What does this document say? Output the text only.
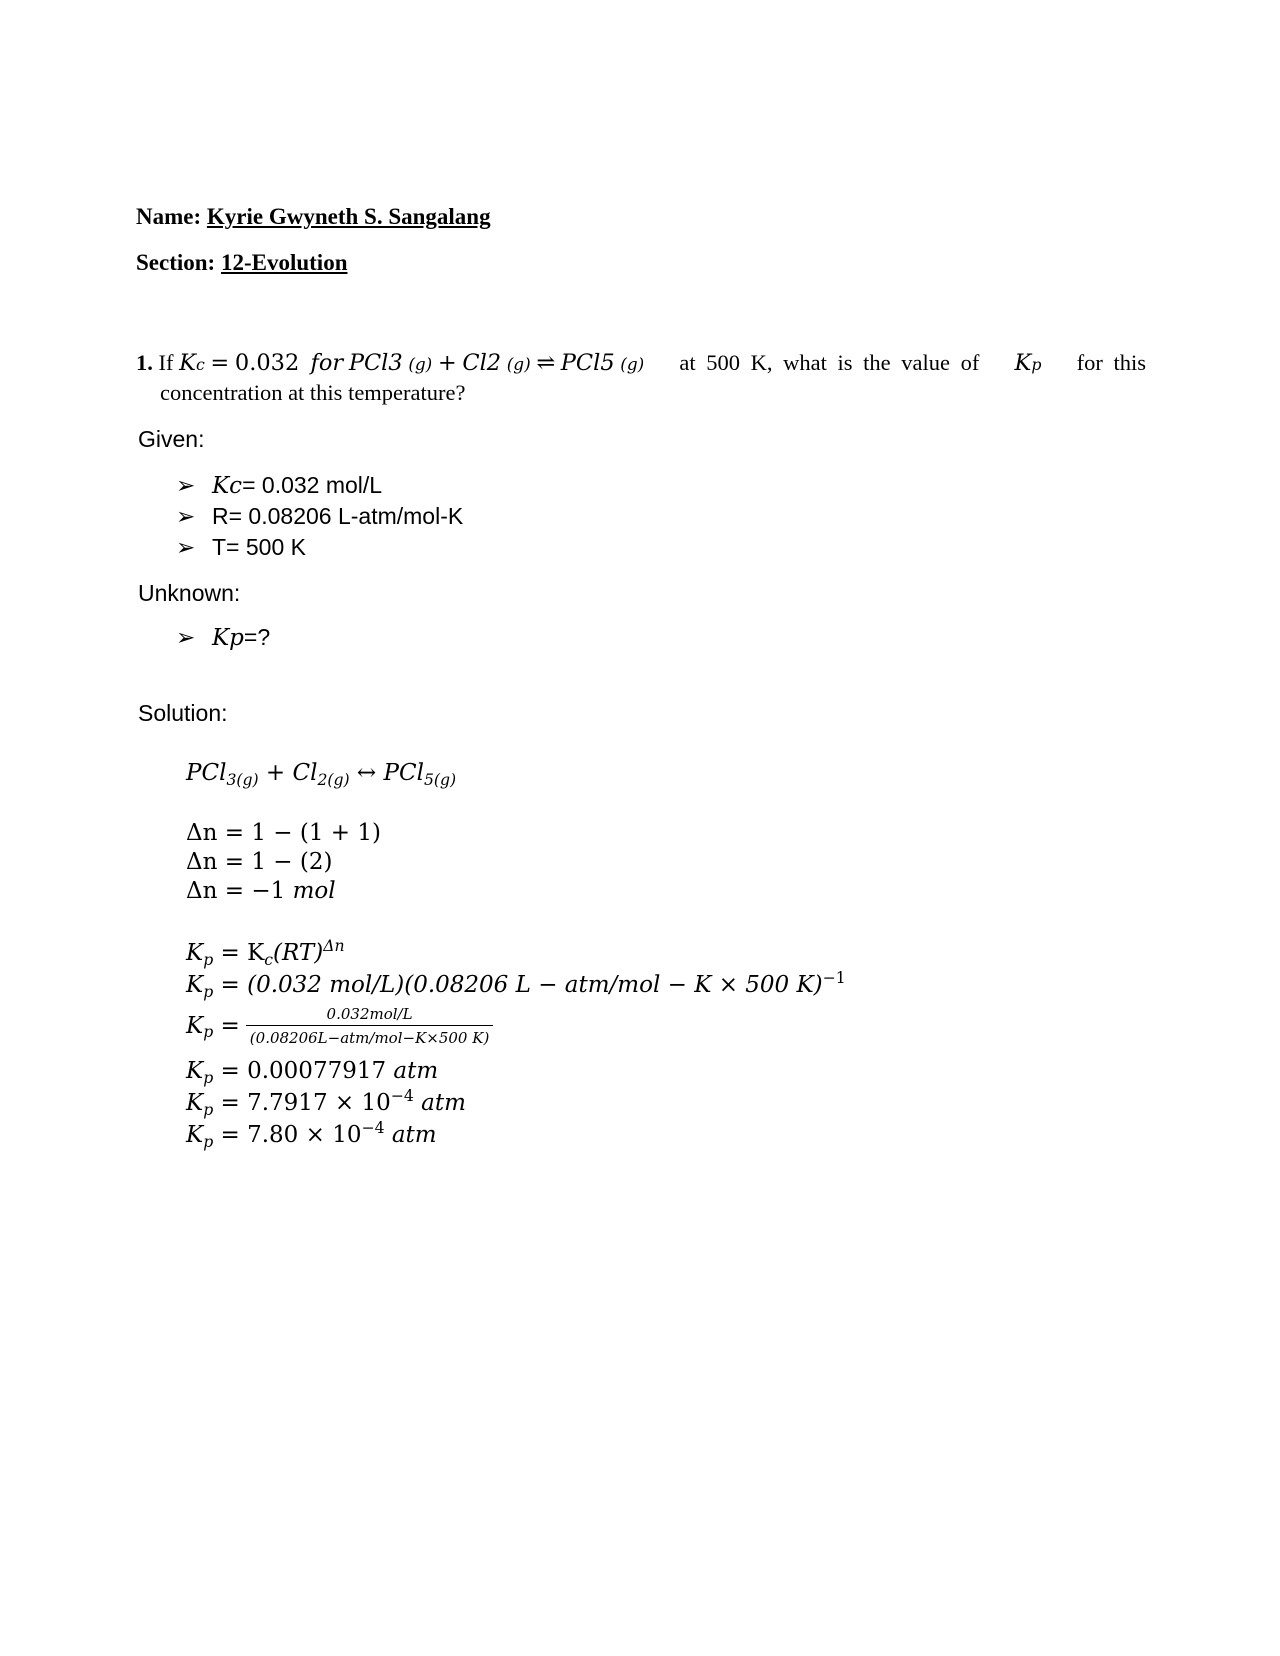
Name: Kyrie Gwyneth S. Sangalang
Section: 12-Evolution
1. If Kc = 0.032 for PCl3 (g) + Cl2 (g) ⇌ PCl5 (g) at 500 K, what is the value of Kp for this
concentration at this temperature?
Given:
➢ Kc= 0.032 mol/L
➢ R= 0.08206 L-atm/mol-K
➢ T= 500 K
Unknown:
➢ Kp=?
Solution:
$PCl_{3(g)} + Cl_{2(g)}$ ↔ PCl$_{5(g)}$
Δn = 1 − (1 + 1)
Δn = 1 − (2)
Δn = −1 mol
$K_p = K_c(RT)^{\Delta n}$
$K_p = (0.032$ mol/L)(0.08206 L − atm/mol − K × 500 K)$^{-1}$
K p
= $\frac{\text{0.032mol/L}}{\text{(0.08206L−atm/mol−K×500 K)}}$
$K_p = 0.00077917$ atm
$K_p = 7.7917 \times 10^{-4}$ atm
$K_p = 7.80 \times 10^{-4}$ atm
